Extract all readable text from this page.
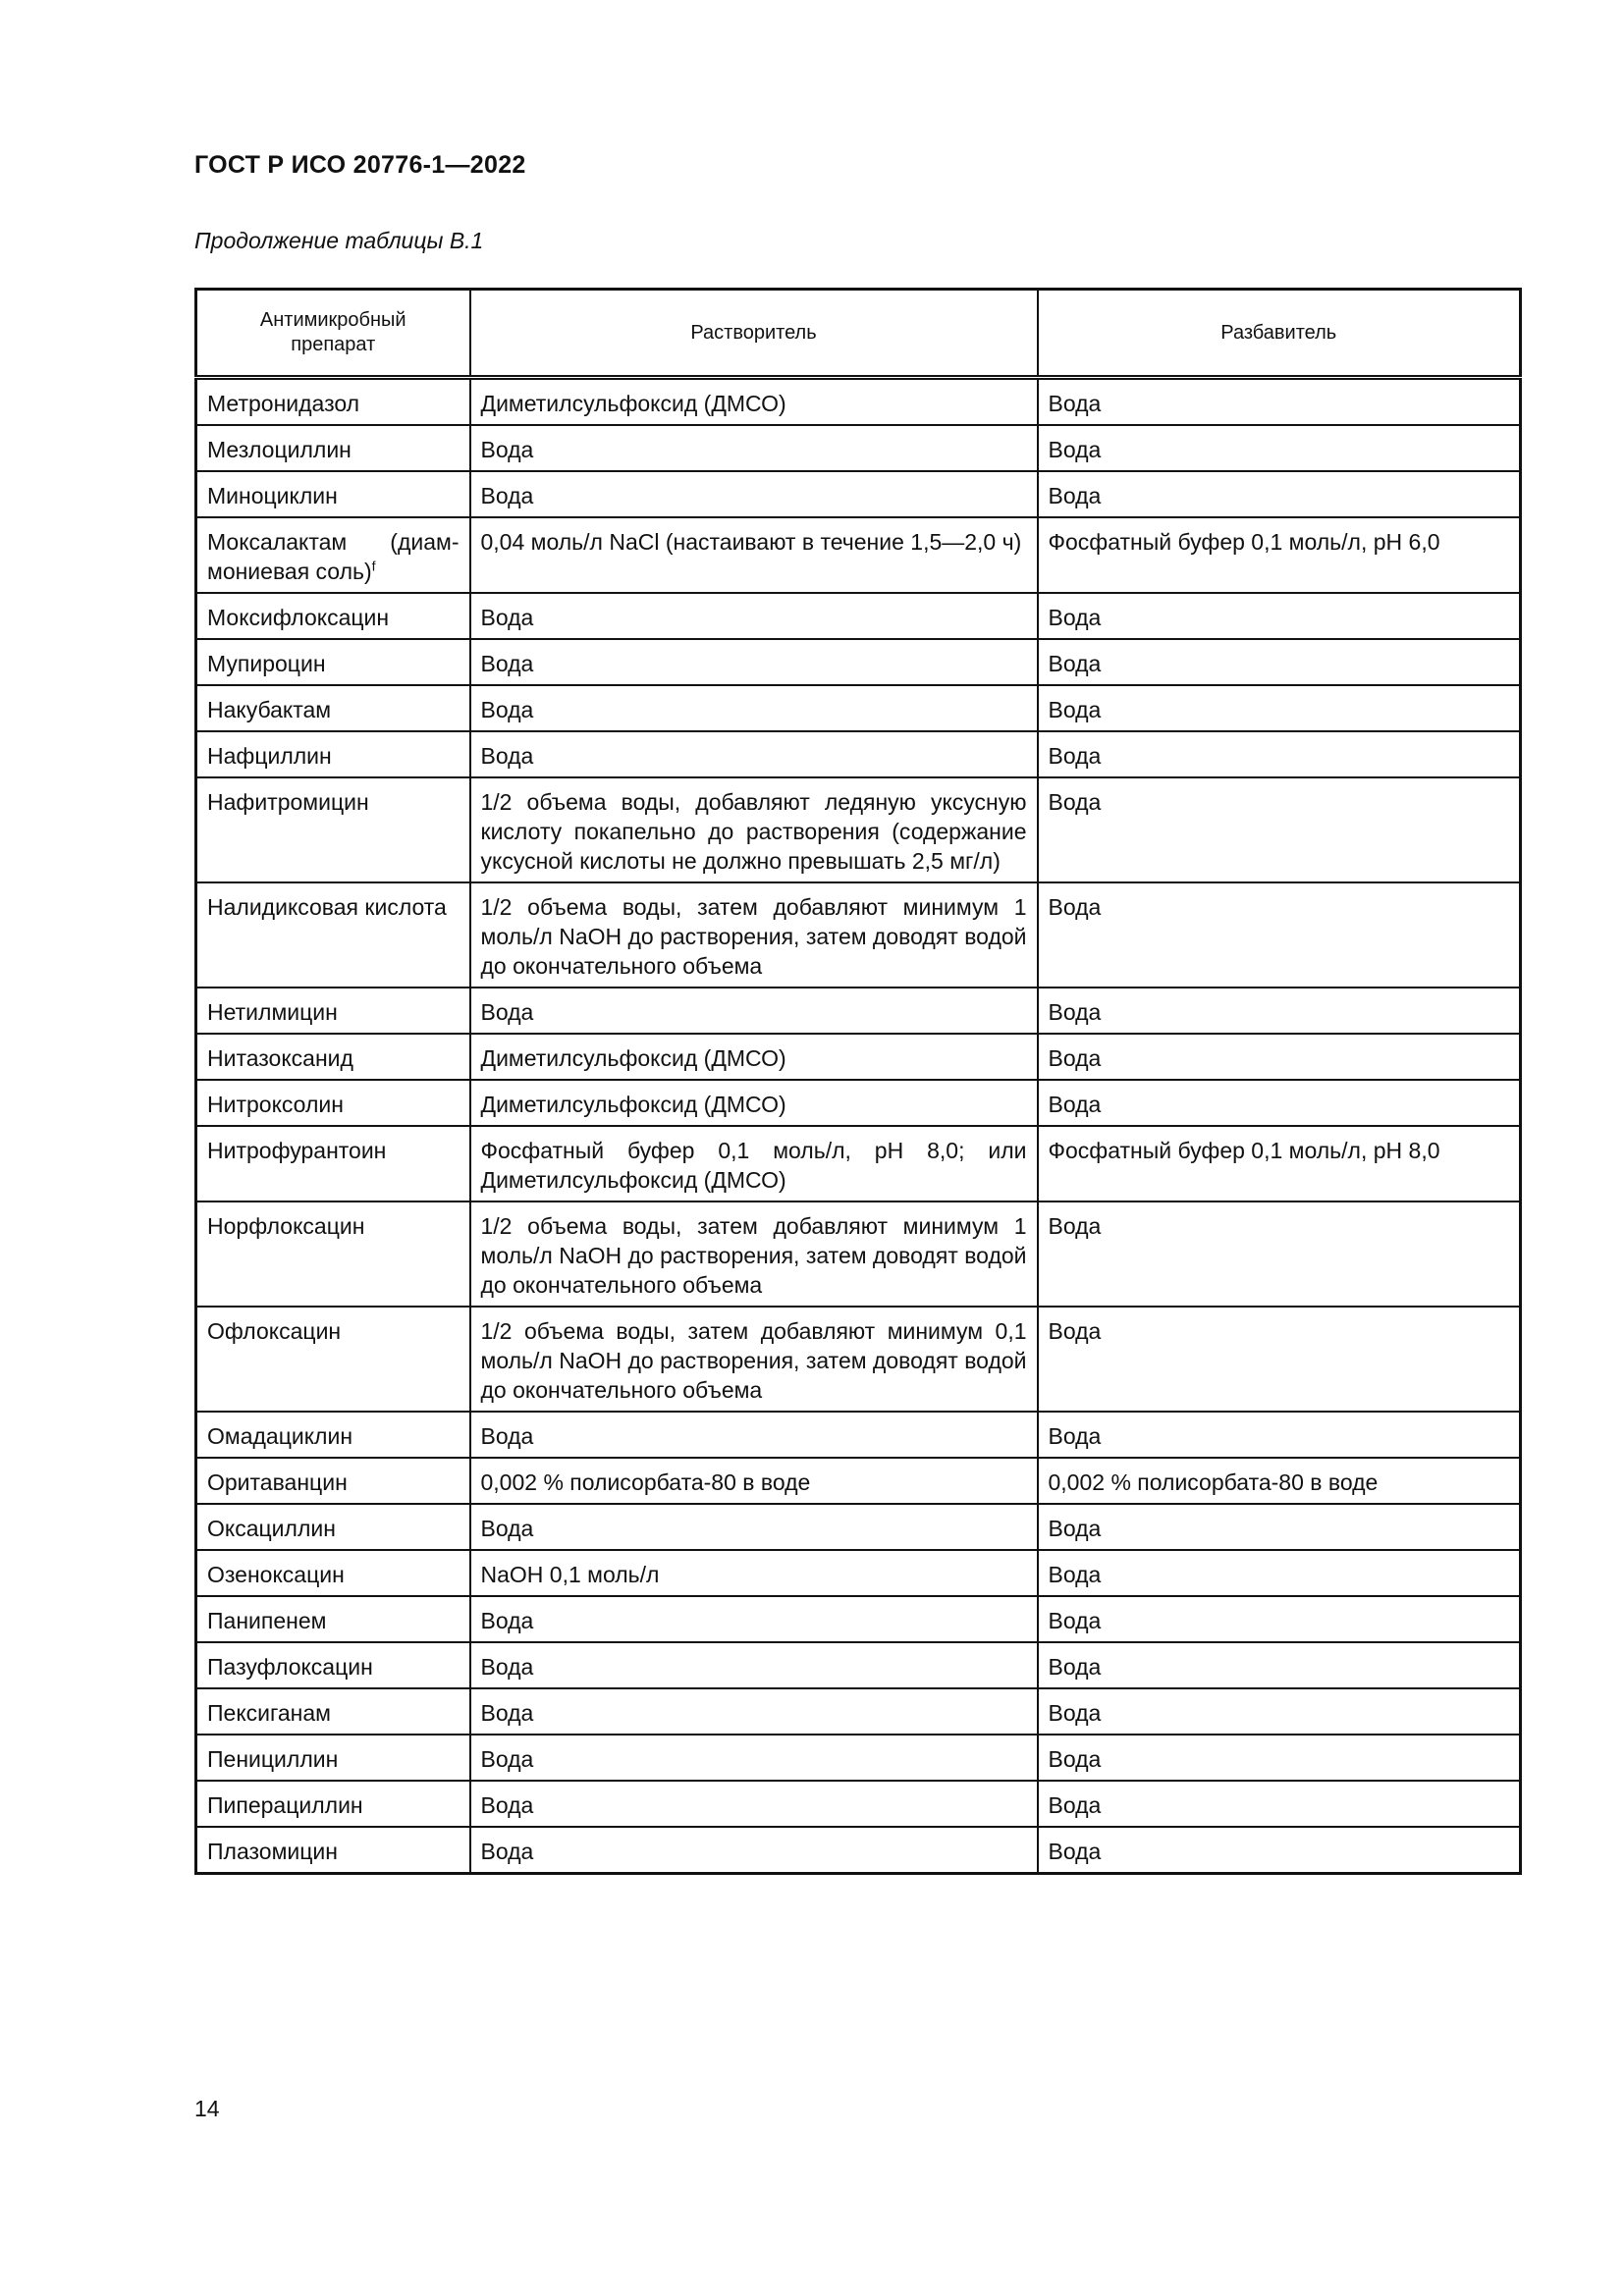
ГОСТ Р ИСО 20776-1—2022
Продолжение таблицы В.1
Антимикробный препарат	Растворитель	Разбавитель
Метронидазол	Диметилсульфоксид (ДМСО)	Вода
Мезлоциллин	Вода	Вода
Миноциклин	Вода	Вода
Моксалактам (диам-мониевая соль)$^f$	0,04 моль/л NaCl (настаивают в течение 1,5—2,0 ч)	Фосфатный буфер 0,1 моль/л, pH 6,0
Моксифлоксацин	Вода	Вода
Мупироцин	Вода	Вода
Накубактам	Вода	Вода
Нафциллин	Вода	Вода
Нафитромицин	1/2 объема воды, добавляют ледяную уксусную кислоту покапельно до растворения (содержание уксусной кислоты не должно превышать 2,5 мг/л)	Вода
Налидиксовая кислота	1/2 объема воды, затем добавляют минимум 1 моль/л NaOH до растворения, затем доводят водой до окончательного объема	Вода
Нетилмицин	Вода	Вода
Нитазоксанид	Диметилсульфоксид (ДМСО)	Вода
Нитроксолин	Диметилсульфоксид (ДМСО)	Вода
Нитрофурантоин	Фосфатный буфер 0,1 моль/л, pH 8,0; или Диметилсульфоксид (ДМСО)	Фосфатный буфер 0,1 моль/л, pH 8,0
Норфлоксацин	1/2 объема воды, затем добавляют минимум 1 моль/л NaOH до растворения, затем доводят водой до окончательного объема	Вода
Офлоксацин	1/2 объема воды, затем добавляют минимум 0,1 моль/л NaOH до растворения, затем доводят водой до окончательного объема	Вода
Омадациклин	Вода	Вода
Оритаванцин	0,002 % полисорбата-80 в воде	0,002 % полисорбата-80 в воде
Оксациллин	Вода	Вода
Озеноксацин	NaOH 0,1 моль/л	Вода
Панипенем	Вода	Вода
Пазуфлоксацин	Вода	Вода
Пексиганам	Вода	Вода
Пенициллин	Вода	Вода
Пиперациллин	Вода	Вода
Плазомицин	Вода	Вода
14
